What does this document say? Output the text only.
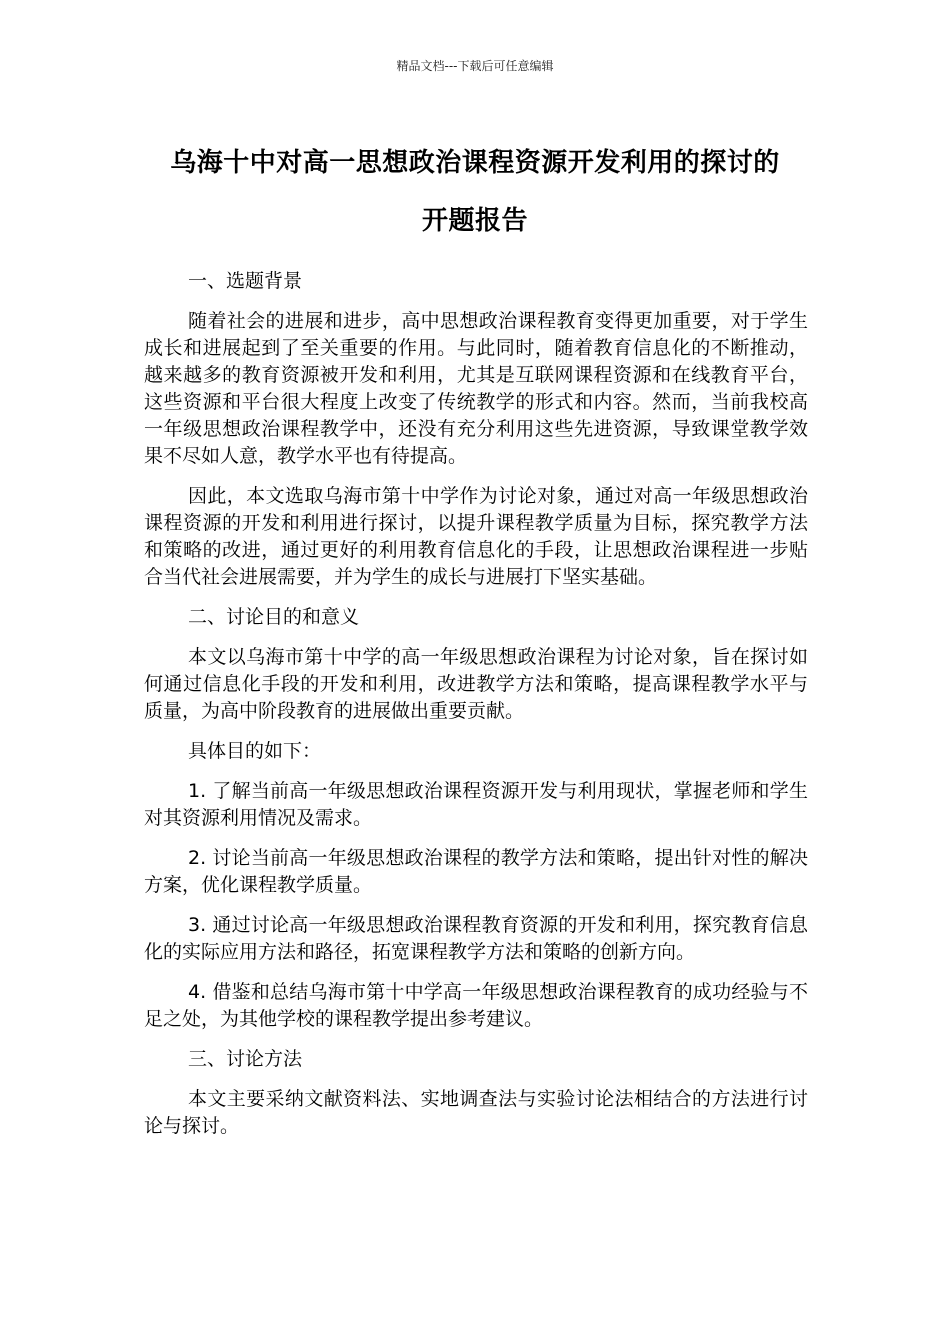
精品文档---下载后可任意编辑
乌海十中对高一思想政治课程资源开发利用的探讨的
开题报告
一、选题背景

随着社会的进展和进步，高中思想政治课程教育变得更加重要，对于学生成长和进展起到了至关重要的作用。与此同时，随着教育信息化的不断推动，越来越多的教育资源被开发和利用，尤其是互联网课程资源和在线教育平台，这些资源和平台很大程度上改变了传统教学的形式和内容。然而，当前我校高一年级思想政治课程教学中，还没有充分利用这些先进资源，导致课堂教学效果不尽如人意，教学水平也有待提高。

因此，本文选取乌海市第十中学作为讨论对象，通过对高一年级思想政治课程资源的开发和利用进行探讨，以提升课程教学质量为目标，探究教学方法和策略的改进，通过更好的利用教育信息化的手段，让思想政治课程进一步贴合当代社会进展需要，并为学生的成长与进展打下坚实基础。

二、讨论目的和意义

本文以乌海市第十中学的高一年级思想政治课程为讨论对象，旨在探讨如何通过信息化手段的开发和利用，改进教学方法和策略，提高课程教学水平与质量，为高中阶段教育的进展做出重要贡献。

具体目的如下：

1. 了解当前高一年级思想政治课程资源开发与利用现状，掌握老师和学生对其资源利用情况及需求。

2. 讨论当前高一年级思想政治课程的教学方法和策略，提出针对性的解决方案，优化课程教学质量。

3. 通过讨论高一年级思想政治课程教育资源的开发和利用，探究教育信息化的实际应用方法和路径，拓宽课程教学方法和策略的创新方向。

4. 借鉴和总结乌海市第十中学高一年级思想政治课程教育的成功经验与不足之处，为其他学校的课程教学提出参考建议。

三、讨论方法

本文主要采纳文献资料法、实地调查法与实验讨论法相结合的方法进行讨论与探讨。
